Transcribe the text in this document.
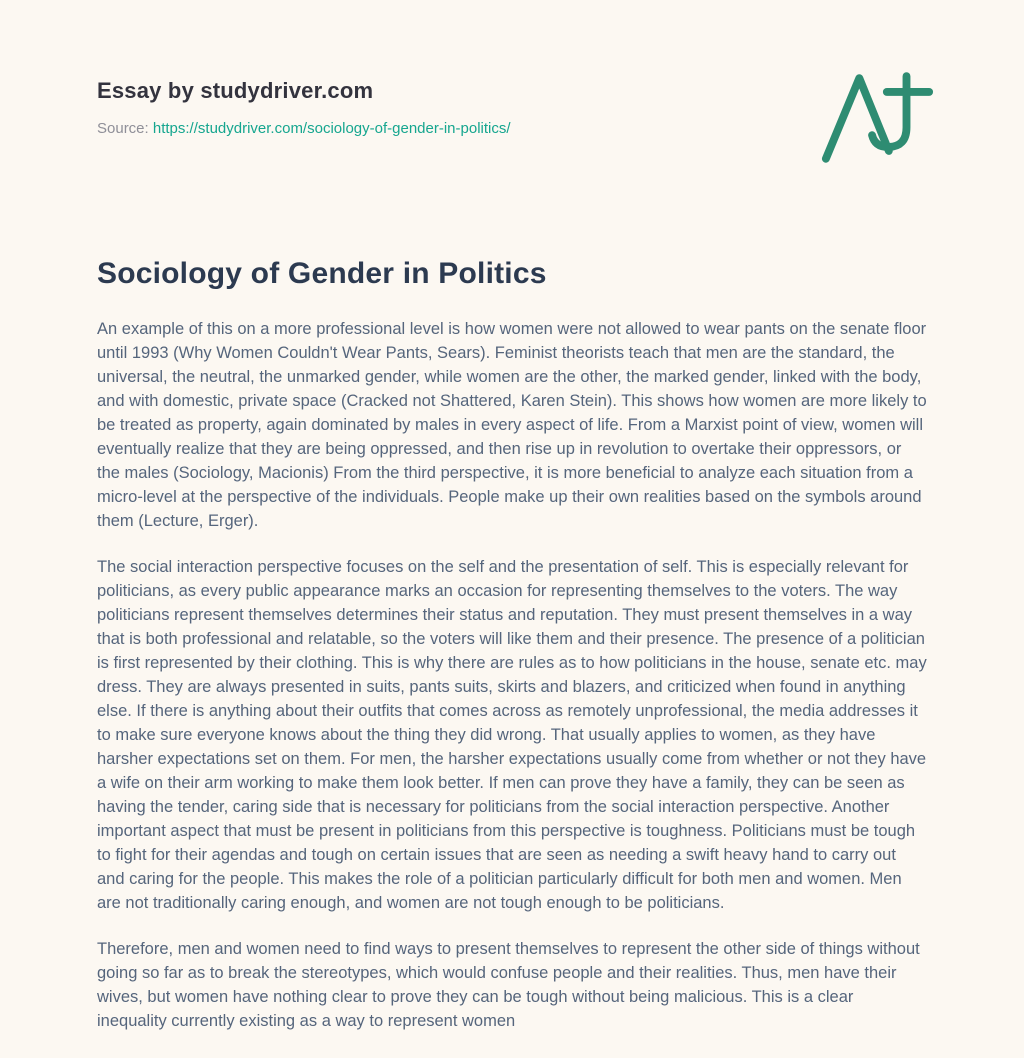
Essay by studydriver.com
Source: https://studydriver.com/sociology-of-gender-in-politics/
Sociology of Gender in Politics

An example of this on a more professional level is how women were not allowed to wear pants on the senate floor until 1993 (Why Women Couldn't Wear Pants, Sears). Feminist theorists teach that men are the standard, the universal, the neutral, the unmarked gender, while women are the other, the marked gender, linked with the body, and with domestic, private space (Cracked not Shattered, Karen Stein). This shows how women are more likely to be treated as property, again dominated by males in every aspect of life. From a Marxist point of view, women will eventually realize that they are being oppressed, and then rise up in revolution to overtake their oppressors, or the males (Sociology, Macionis) From the third perspective, it is more beneficial to analyze each situation from a micro-level at the perspective of the individuals. People make up their own realities based on the symbols around them (Lecture, Erger).

The social interaction perspective focuses on the self and the presentation of self. This is especially relevant for politicians, as every public appearance marks an occasion for representing themselves to the voters. The way politicians represent themselves determines their status and reputation. They must present themselves in a way that is both professional and relatable, so the voters will like them and their presence. The presence of a politician is first represented by their clothing. This is why there are rules as to how politicians in the house, senate etc. may dress. They are always presented in suits, pants suits, skirts and blazers, and criticized when found in anything else. If there is anything about their outfits that comes across as remotely unprofessional, the media addresses it to make sure everyone knows about the thing they did wrong. That usually applies to women, as they have harsher expectations set on them. For men, the harsher expectations usually come from whether or not they have a wife on their arm working to make them look better. If men can prove they have a family, they can be seen as having the tender, caring side that is necessary for politicians from the social interaction perspective. Another important aspect that must be present in politicians from this perspective is toughness. Politicians must be tough to fight for their agendas and tough on certain issues that are seen as needing a swift heavy hand to carry out and caring for the people. This makes the role of a politician particularly difficult for both men and women. Men are not traditionally caring enough, and women are not tough enough to be politicians.

Therefore, men and women need to find ways to present themselves to represent the other side of things without going so far as to break the stereotypes, which would confuse people and their realities. Thus, men have their wives, but women have nothing clear to prove they can be tough without being malicious. This is a clear inequality currently existing as a way to represent women
